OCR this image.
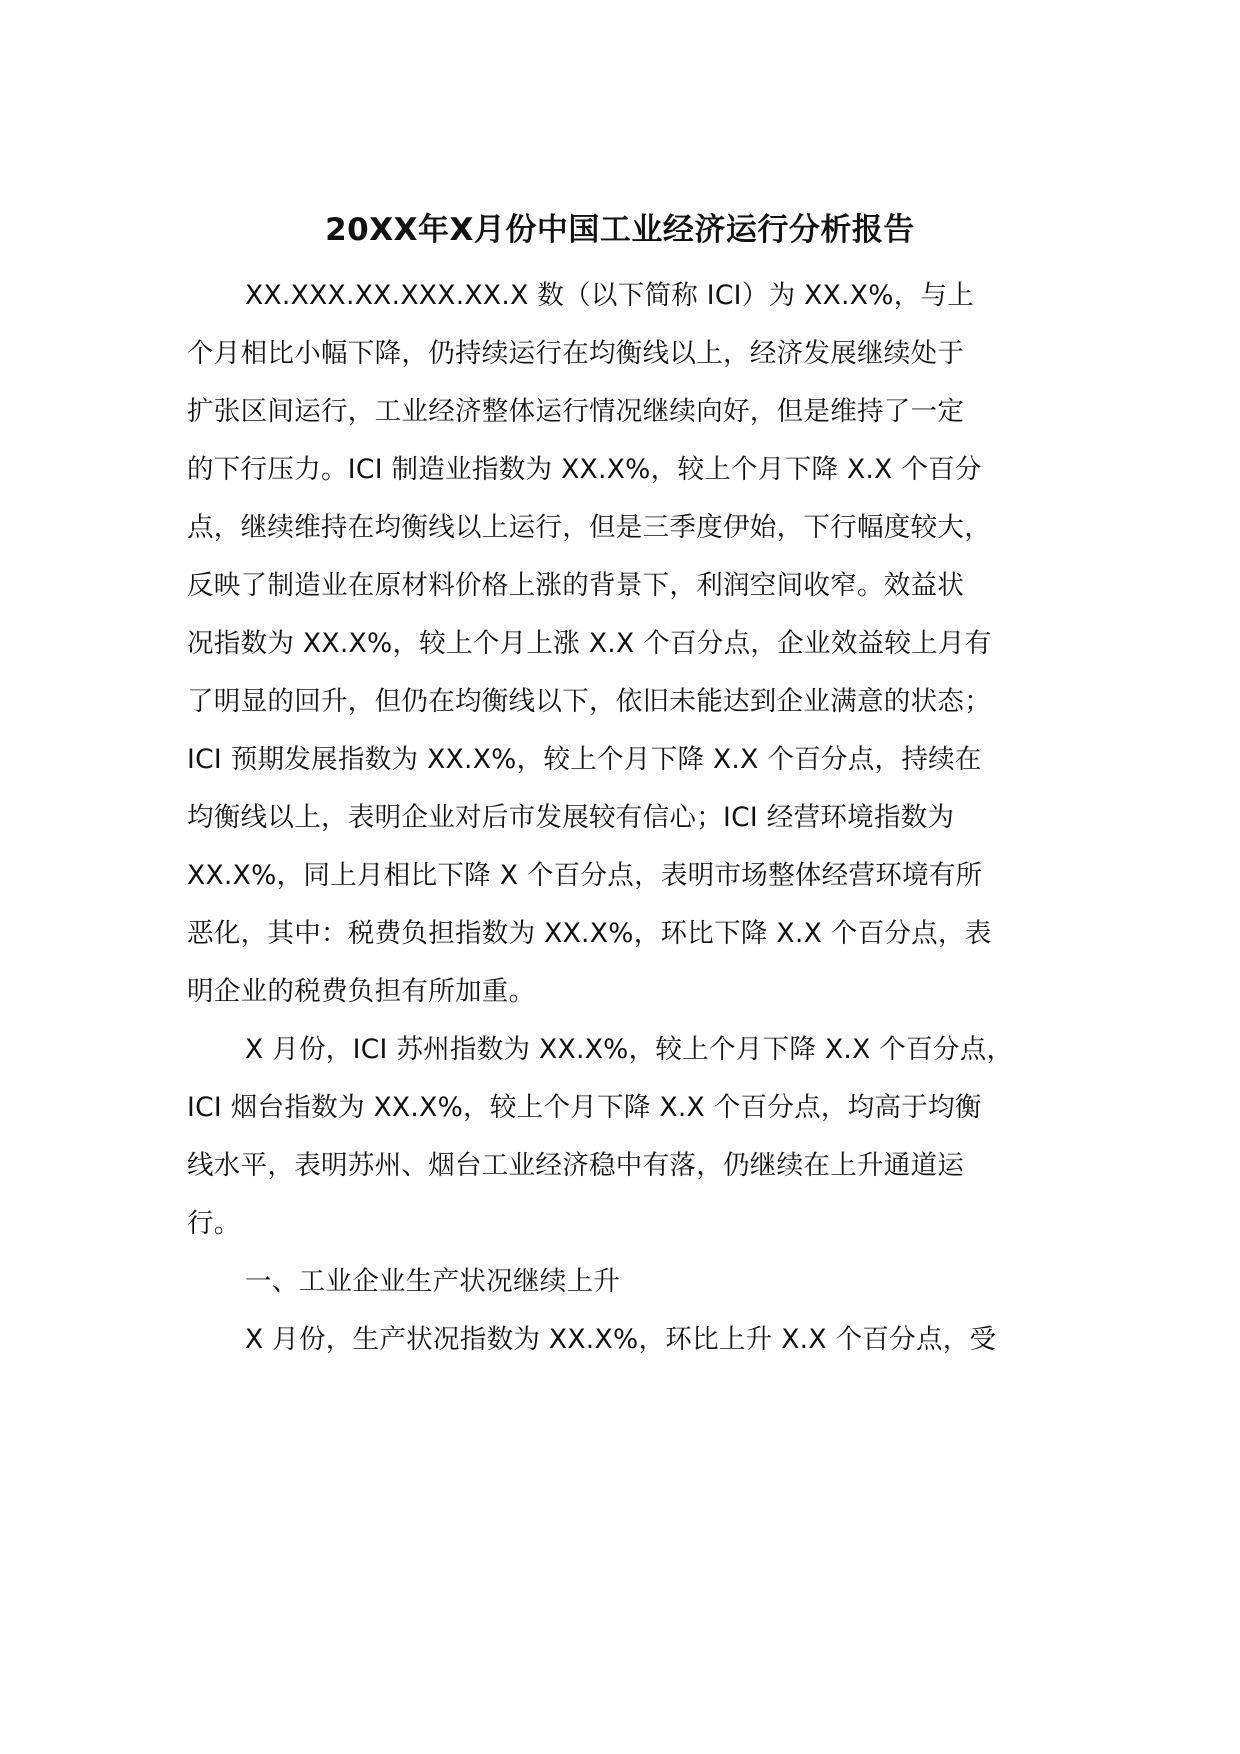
20XX年X月份中国工业经济运行分析报告
XX.XXX.XX.XXX.XX.X 数（以下简称 ICI）为 XX.X%，与上
个月相比小幅下降，仍持续运行在均衡线以上，经济发展继续处于
扩张区间运行，工业经济整体运行情况继续向好，但是维持了一定
的下行压力。ICI 制造业指数为 XX.X%，较上个月下降 X.X 个百分
点，继续维持在均衡线以上运行，但是三季度伊始，下行幅度较大，
反映了制造业在原材料价格上涨的背景下，利润空间收窄。效益状
况指数为 XX.X%，较上个月上涨 X.X 个百分点，企业效益较上月有
了明显的回升，但仍在均衡线以下，依旧未能达到企业满意的状态；
ICI 预期发展指数为 XX.X%，较上个月下降 X.X 个百分点，持续在
均衡线以上，表明企业对后市发展较有信心；ICI 经营环境指数为
XX.X%，同上月相比下降 X 个百分点，表明市场整体经营环境有所
恶化，其中：税费负担指数为 XX.X%，环比下降 X.X 个百分点，表
明企业的税费负担有所加重。
X 月份，ICI 苏州指数为 XX.X%，较上个月下降 X.X 个百分点，
ICI 烟台指数为 XX.X%，较上个月下降 X.X 个百分点，均高于均衡
线水平，表明苏州、烟台工业经济稳中有落，仍继续在上升通道运
行。
一、工业企业生产状况继续上升
X 月份，生产状况指数为 XX.X%，环比上升 X.X 个百分点，受
